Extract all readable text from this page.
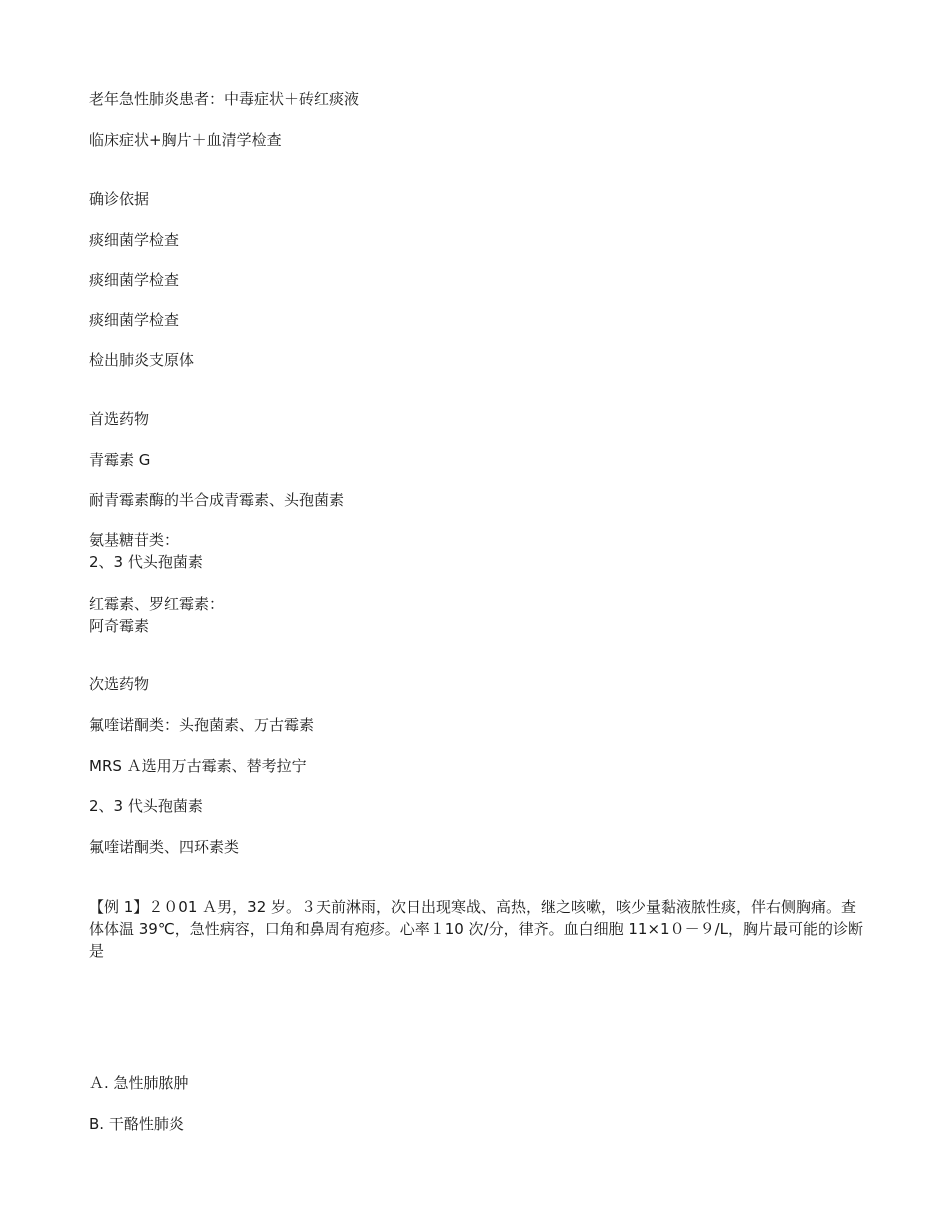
老年急性肺炎患者：中毒症状＋砖红痰液
临床症状+胸片＋血清学检查
确诊依据
痰细菌学检查
痰细菌学检查
痰细菌学检查
检出肺炎支原体
首选药物
青霉素 G
耐青霉素酶的半合成青霉素、头孢菌素
氨基糖苷类：
2、3 代头孢菌素
红霉素、罗红霉素：
阿奇霉素
次选药物
氟喹诺酮类：头孢菌素、万古霉素
MRS Ａ选用万古霉素、替考拉宁
2、3 代头孢菌素
氟喹诺酮类、四环素类
【例 1】２０01 Ａ男，32 岁。３天前淋雨，次日出现寒战、高热，继之咳嗽，咳少量黏液脓性痰，伴右侧胸痛。查体体温 39℃，急性病容，口角和鼻周有疱疹。心率１10 次/分，律齐。血白细胞 11×1０－９/L，胸片最可能的诊断是
Ａ. 急性肺脓肿
B. 干酪性肺炎
